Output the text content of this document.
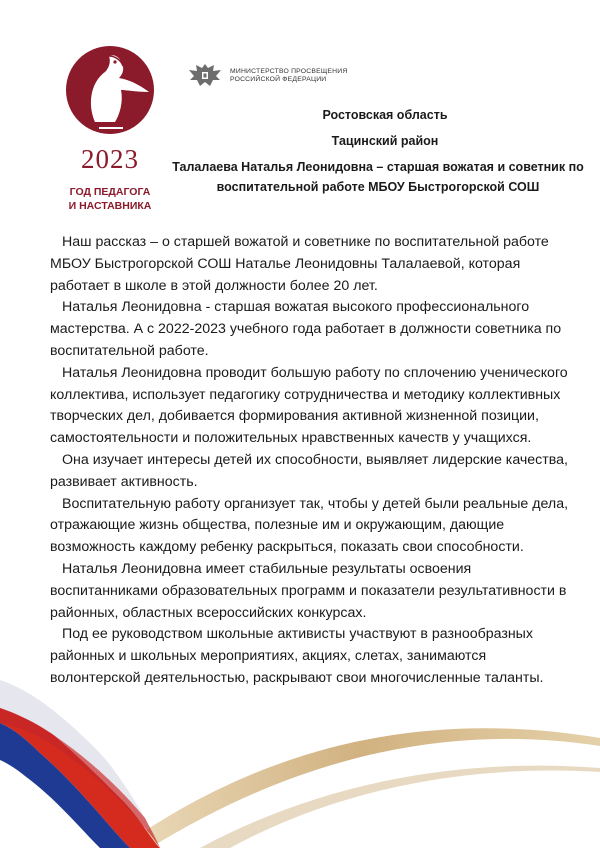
2023
ГОД ПЕДАГОГА
И НАСТАВНИКА
МИНИСТЕРСТВО ПРОСВЕЩЕНИЯ
РОССИЙСКОЙ ФЕДЕРАЦИИ
Ростовская область
Тацинский район
Талалаева Наталья Леонидовна – старшая вожатая и советник по
воспитательной работе МБОУ Быстрогорской СОШ

Наш рассказ – о старшей вожатой и советнике по воспитательной работе МБОУ Быстрогорской СОШ Наталье Леонидовны Талалаевой, которая работает в школе в этой должности более 20 лет.

Наталья Леонидовна - старшая вожатая высокого профессионального мастерства. А с 2022-2023 учебного года работает в должности советника по воспитательной работе.

Наталья Леонидовна проводит большую работу по сплочению ученического коллектива, использует педагогику сотрудничества и методику коллективных творческих дел, добивается формирования активной жизненной позиции, самостоятельности и положительных нравственных качеств у учащихся.

Она изучает интересы детей их способности, выявляет лидерские качества, развивает активность.

Воспитательную работу организует так, чтобы у детей были реальные дела, отражающие жизнь общества, полезные им и окружающим, дающие возможность каждому ребенку раскрыться, показать свои способности.

Наталья Леонидовна имеет стабильные результаты освоения воспитанниками образовательных программ и показатели результативности в районных, областных всероссийских конкурсах.

Под ее руководством школьные активисты участвуют в разнообразных районных и школьных мероприятиях, акциях, слетах, занимаются волонтерской деятельностью, раскрывают свои многочисленные таланты.
